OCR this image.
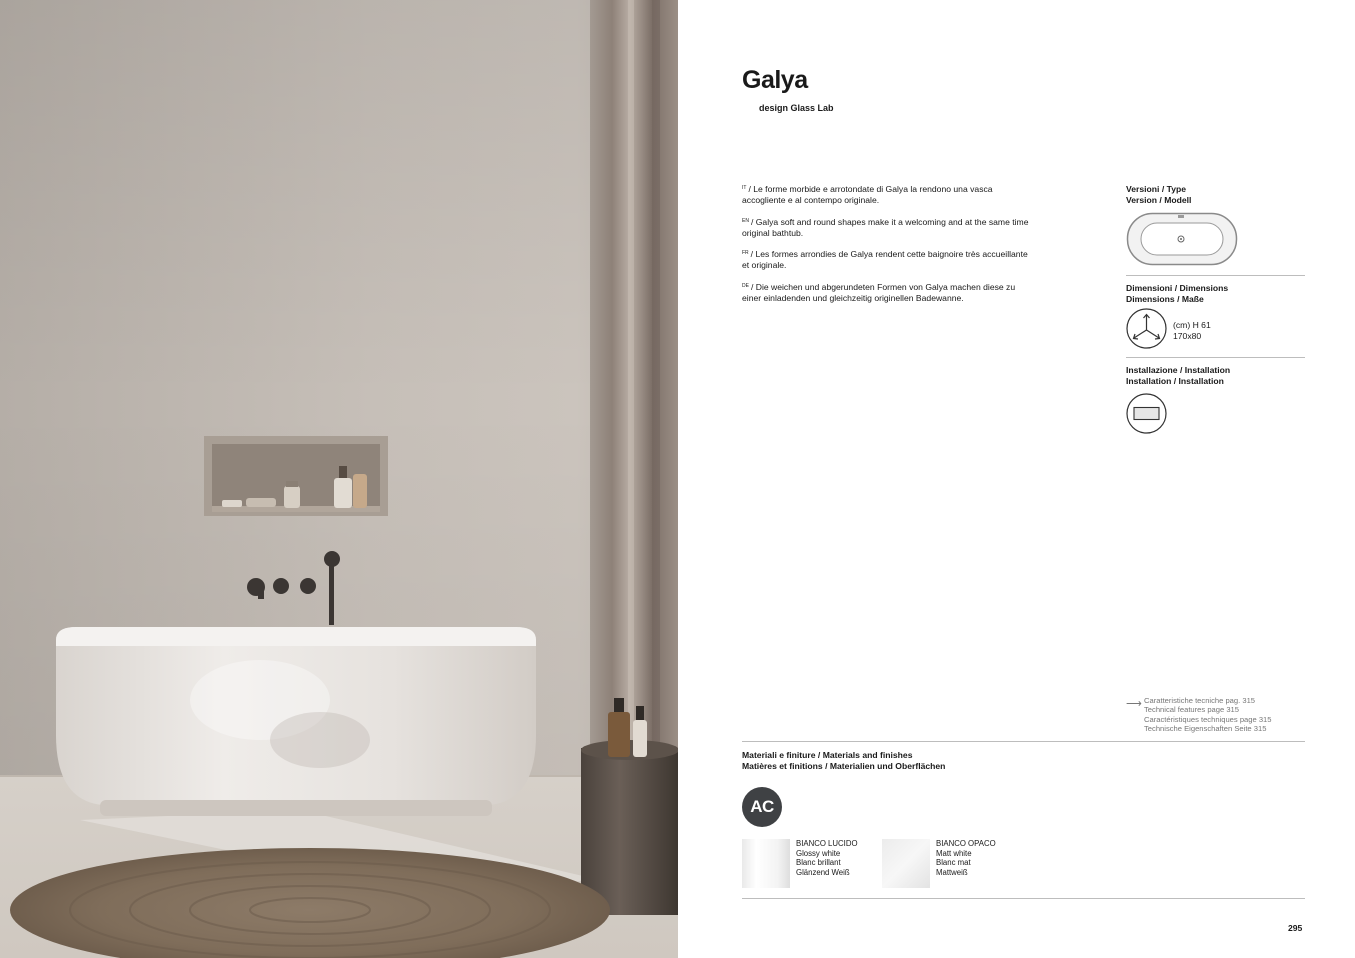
Galya
design Glass Lab

$^{IT}$ / Le forme morbide e arrotondate di Galya la rendono una vasca accogliente e al contempo originale.

$^{EN}$ / Galya soft and round shapes make it a welcoming and at the same time original bathtub.

$^{FR}$ / Les formes arrondies de Galya rendent cette baignoire très accueillante et originale.

$^{DE}$ / Die weichen und abgerundeten Formen von Galya machen diese zu einer einladenden und gleichzeitig originellen Badewanne.

Versioni / Type
Version / Modell
Dimensioni / Dimensions
Dimensions / Maße
(cm) H 61
170x80
Installazione / Installation
Installation / Installation
⟶ Caratteristiche tecniche pag. 315
Technical features page 315
Caractéristiques techniques page 315
Technische Eigenschaften Seite 315
Materiali e finiture / Materials and finishes
Matières et finitions / Materialien und Oberflächen
AC
BIANCO LUCIDO
Glossy white
Blanc brillant
Glänzend Weiß
BIANCO OPACO
Matt white
Blanc mat
Mattweiß
295
